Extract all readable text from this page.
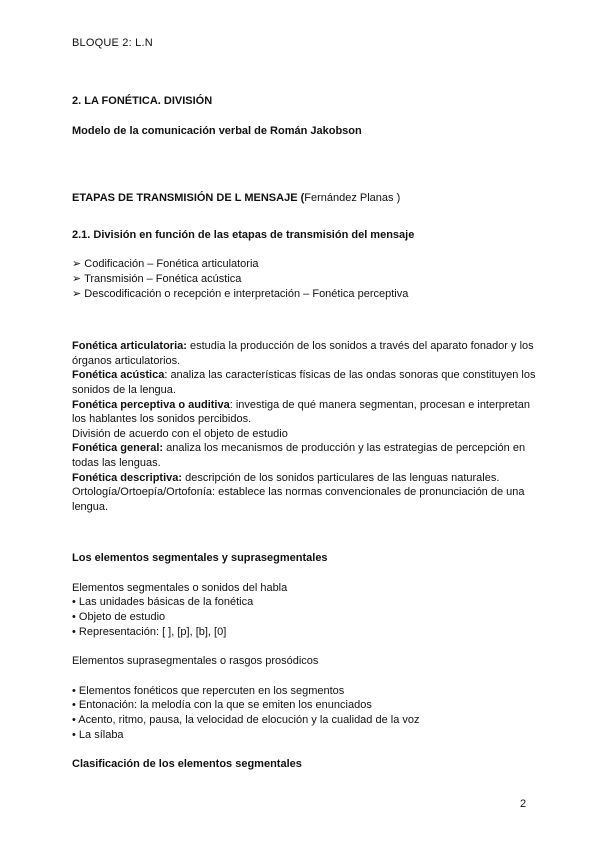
BLOQUE 2: L.N
2. LA FONÉTICA. DIVISIÓN
Modelo de la comunicación verbal de Román Jakobson
ETAPAS DE TRANSMISIÓN DE L MENSAJE (Fernández Planas )
2.1. División en función de las etapas de transmisión del mensaje
➢ Codificación – Fonética articulatoria
➢ Transmisión – Fonética acústica
➢ Descodificación o recepción e interpretación – Fonética perceptiva

Fonética articulatoria: estudia la producción de los sonidos a través del aparato fonador y los órganos articulatorios.

Fonética acústica: analiza las características físicas de las ondas sonoras que constituyen los sonidos de la lengua.

Fonética perceptiva o auditiva: investiga de qué manera segmentan, procesan e interpretan los hablantes los sonidos percibidos.

División de acuerdo con el objeto de estudio

Fonética general: analiza los mecanismos de producción y las estrategias de percepción en todas las lenguas.

Fonética descriptiva: descripción de los sonidos particulares de las lenguas naturales.

Ortología/Ortoepía/Ortofonía: establece las normas convencionales de pronunciación de una lengua.

Los elementos segmentales y suprasegmentales
Elementos segmentales o sonidos del habla
• Las unidades básicas de la fonética
• Objeto de estudio
• Representación: [ ], [p], [b], [0]
Elementos suprasegmentales o rasgos prosódicos
• Elementos fonéticos que repercuten en los segmentos
• Entonación: la melodía con la que se emiten los enunciados
• Acento, ritmo, pausa, la velocidad de elocución y la cualidad de la voz
• La sílaba
Clasificación de los elementos segmentales
2
